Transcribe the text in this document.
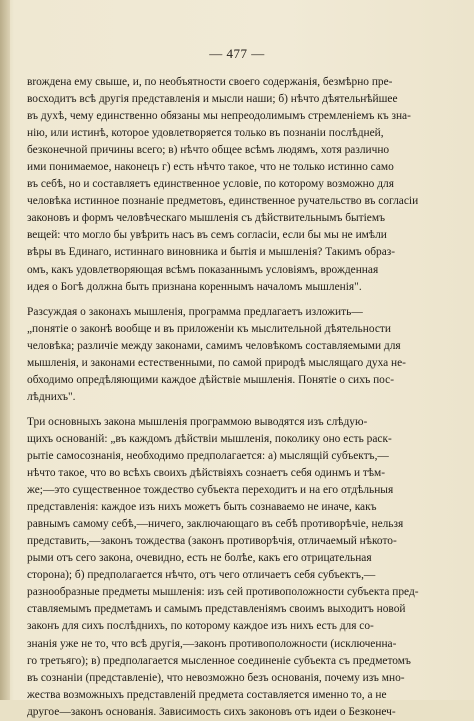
— 477 —
вrождена ему свыше, и, по необъятности своего содержанія, безмѣрно пре-
восходитъ всѣ другія представленія и мысли наши; б) нѣчто дѣятельнѣйшее
въ духѣ, чему единственно обязаны мы непреодолимымъ стремленіемъ къ зна-
нію, или истинѣ, которое удовлетворяется только въ познаніи послѣдней,
безконечной причины всего; в) нѣчто общее всѣмъ людямъ, хотя различно
ими понимаемое, наконецъ г) есть нѣчто такое, что не только истинно само
въ себѣ, но и составляетъ единственное условіе, по которому возможно для
человѣка истинное познаніе предметовъ, единственное ручательство въ согласіи
законовъ и формъ человѣческаго мышленія съ дѣйствительнымъ бытіемъ
вещей: что могло бы увѣрить насъ въ семъ согласіи, если бы мы не имѣли
вѣры въ Единаго, истиннаго виновника и бытія и мышленія? Такимъ образ-
омъ, какъ удовлетворяющая всѣмъ показаннымъ условіямъ, врожденная
идея о Богѣ должна быть признана кореннымъ началомъ мышленія".
Разсуждая о законахъ мышленія, программа предлагаетъ изложить—
„понятіе о законѣ вообще и въ приложеніи къ мыслительной дѣятельности
человѣка; различіе между законами, самимъ человѣкомъ составляемыми для
мышленія, и законами естественными, по самой природѣ мыслящаго духа не-
обходимо опредѣляющими каждое дѣйствіе мышленія. Понятіе о сихъ пос-
лѣднихъ".
Три основныхъ закона мышленія программою выводятся изъ слѣдую-
щихъ основаній: „въ каждомъ дѣйствіи мышленія, поколику оно есть раск-
рытіе самосознанія, необходимо предполагается: а) мыслящій субъектъ,—
нѣчто такое, что во всѣхъ своихъ дѣйствіяхъ сознаетъ себя одинмъ и тѣм-
же;—это существенное тождество субъекта переходитъ и на его отдѣльныя
представленія: каждое изъ нихъ можетъ быть сознаваемо не иначе, какъ
равнымъ самому себѣ,—ничего, заключающаго въ себѣ противорѣчіе, нельзя
представить,—законъ тождества (законъ противорѣчія, отличаемый нѣкото-
рыми отъ сего закона, очевидно, есть не болѣе, какъ его отрицательная
сторона); б) предполагается нѣчто, отъ чего отличаетъ себя субъектъ,—
разнообразные предметы мышленія: изъ сей противоположности субъекта пред-
ставляемымъ предметамъ и самымъ представленіямъ своимъ выходитъ новой
законъ для сихъ послѣднихъ, по которому каждое изъ нихъ есть для со-
знанія уже не то, что всѣ другія,—законъ противоположности (исключенна-
го третьяго); в) предполагается мысленное соединеніе субъекта съ предметомъ
въ сознаніи (представленіе), что невозможно безъ основанія, почему изъ мно-
жества возможныхъ представленій предмета составляется именно то, а не
другое—законъ основанія. Зависимость сихъ законовъ отъ идеи о Безконеч-
